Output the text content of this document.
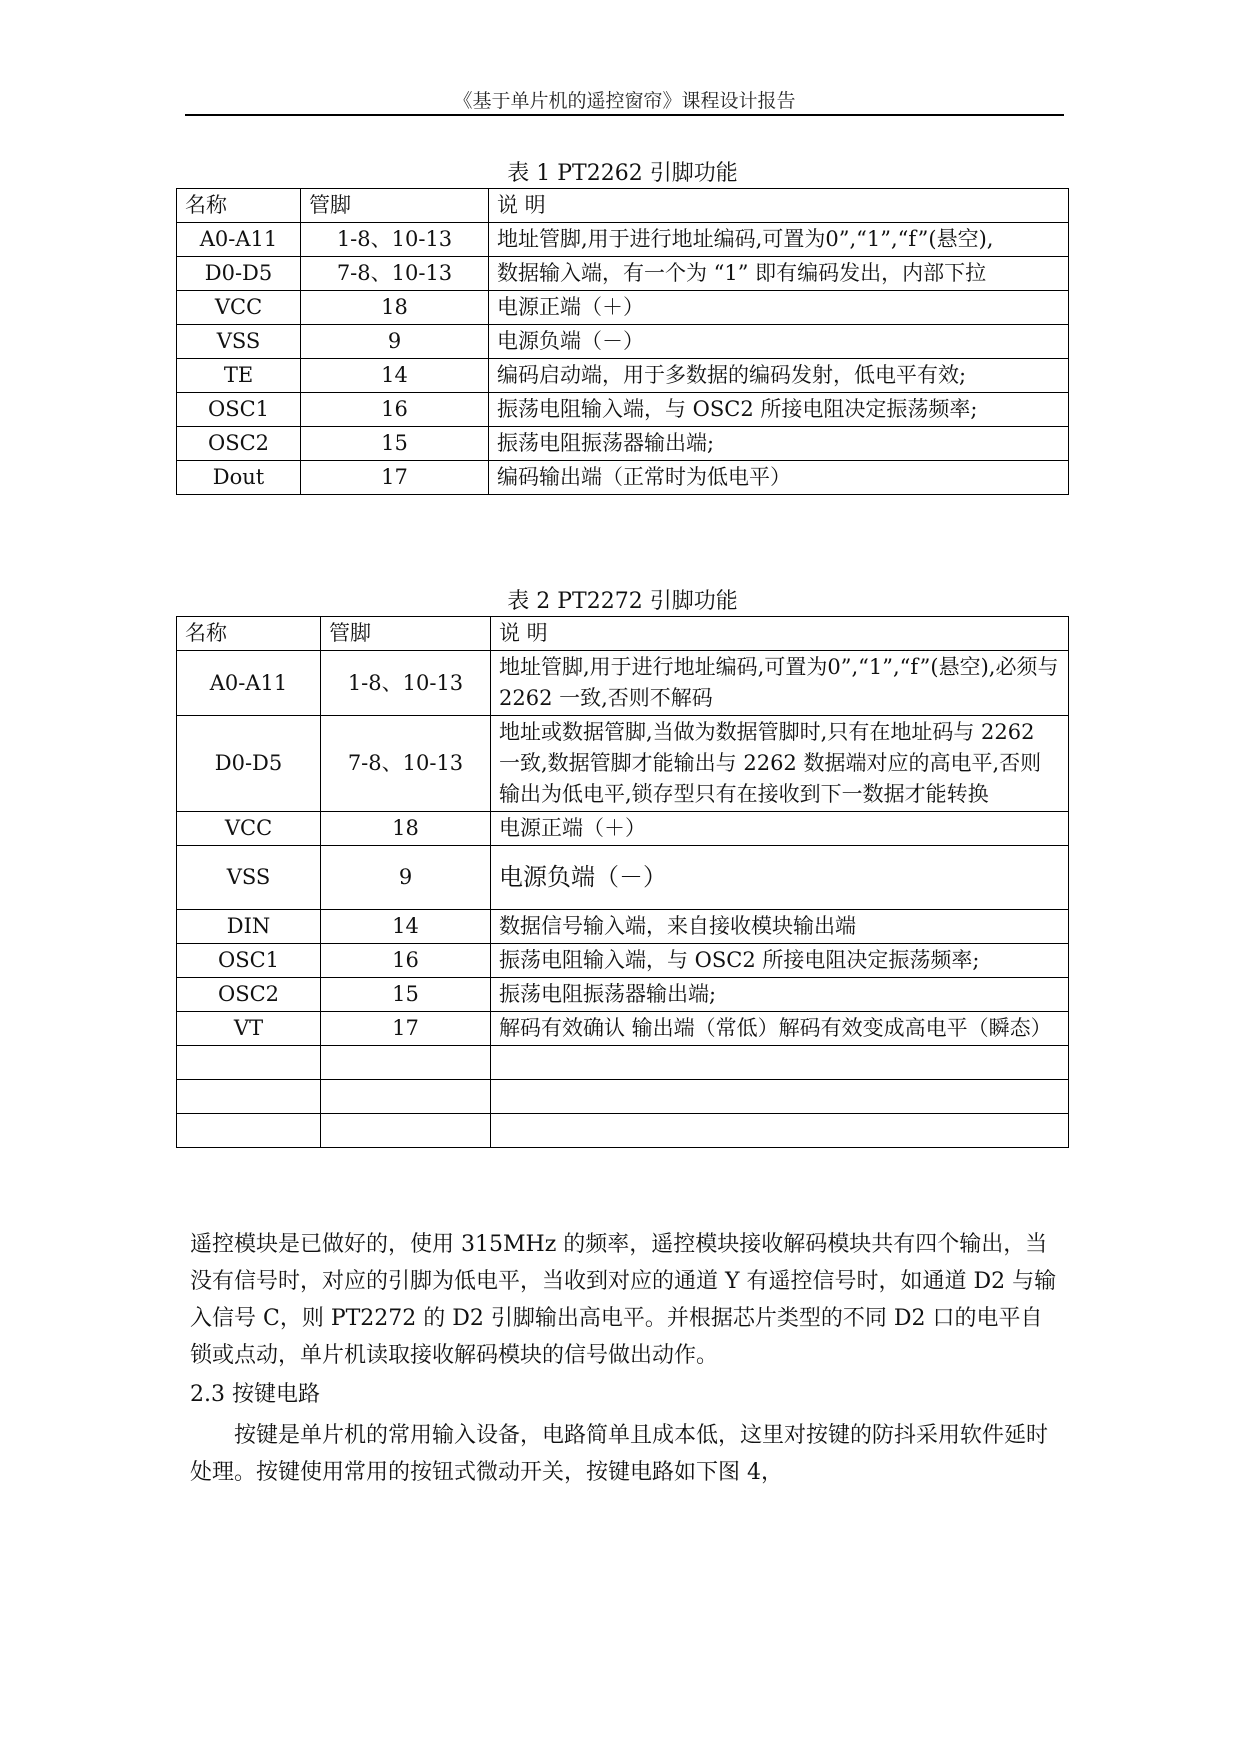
《基于单片机的遥控窗帘》课程设计报告
表 1 PT2262 引脚功能
名称	管脚	说 明
A0-A11	1-8、10-13	地址管脚,用于进行地址编码,可置为0”,“1”,“f”(悬空),
D0-D5	7-8、10-13	数据输入端，有一个为 “1” 即有编码发出，内部下拉
VCC	18	电源正端（＋）
VSS	9	电源负端（－）
TE	14	编码启动端，用于多数据的编码发射，低电平有效;
OSC1	16	振荡电阻输入端，与 OSC2 所接电阻决定振荡频率;
OSC2	15	振荡电阻振荡器输出端;
Dout	17	编码输出端（正常时为低电平）
表 2 PT2272 引脚功能
名称	管脚	说 明
A0-A11	1-8、10-13	地址管脚,用于进行地址编码,可置为0”,“1”,“f”(悬空),必须与 2262 一致,否则不解码
D0-D5	7-8、10-13	地址或数据管脚,当做为数据管脚时,只有在地址码与 2262 一致,数据管脚才能输出与 2262 数据端对应的高电平,否则输出为低电平,锁存型只有在接收到下一数据才能转换
VCC	18	电源正端（＋）
VSS	9	电源负端（－）
DIN	14	数据信号输入端，来自接收模块输出端
OSC1	16	振荡电阻输入端，与 OSC2 所接电阻决定振荡频率;
OSC2	15	振荡电阻振荡器输出端;
VT	17	解码有效确认 输出端（常低）解码有效变成高电平（瞬态）

遥控模块是已做好的，使用 315MHz 的频率，遥控模块接收解码模块共有四个输出，当没有信号时，对应的引脚为低电平，当收到对应的通道 Y 有遥控信号时，如通道 D2 与输入信号 C，则 PT2272 的 D2 引脚输出高电平。并根据芯片类型的不同 D2 口的电平自锁或点动，单片机读取接收解码模块的信号做出动作。

2.3 按键电路

按键是单片机的常用输入设备，电路简单且成本低，这里对按键的防抖采用软件延时处理。按键使用常用的按钮式微动开关，按键电路如下图 4，
